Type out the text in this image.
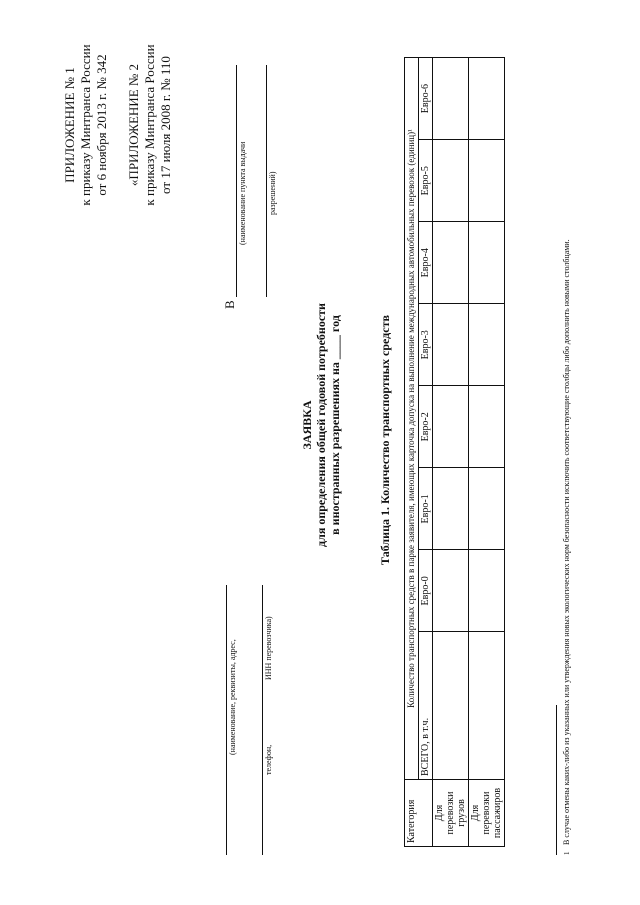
ПРИЛОЖЕНИЕ № 1 к приказу Минтранса России от 6 ноября 2013 г. № 342 «ПРИЛОЖЕНИЕ № 2 к приказу Минтранса России от 17 июля 2008 г. № 110
В
(наименование пункта выдачи	разрешений)
(наименование, реквизиты, адрес,
телефон,
ИНН перевозчика)
ЗАЯВКА для определения общей годовой потребности в иностранных разрешениях на ____ год	Таблица 1. Количество транспортных средств
Категория	Количество транспортных средств в парке заявителя, имеющих карточка допуска на выполнение международных автомобильных перевозок (единиц)¹							
	ВСЕГО, в т.ч.	Евро-0	Евро-1	Евро-2	Евро-3	Евро-4	Евро-5	Евро-6
Для перевозки грузов								
Для перевозки пассажиров								
1
В случае отмены каких-либо из указанных или утверждения новых экологических норм безопасности исключить соответствующие столбцы либо дополнить новыми столбцами.
